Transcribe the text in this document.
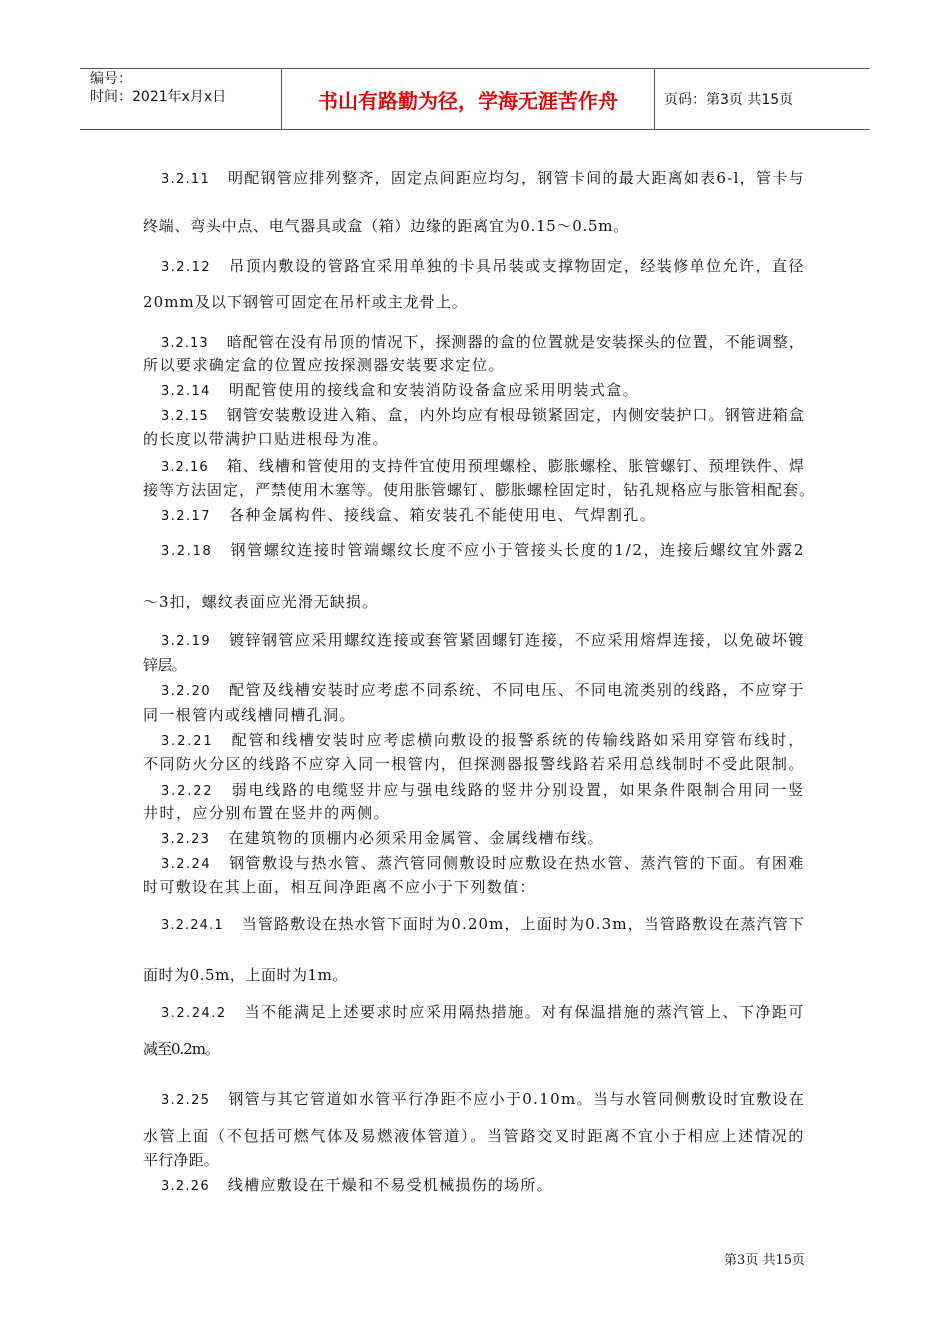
编号：
时间：2021年x月x日	书山有路勤为径，学海无涯苦作舟	页码：第3页 共15页
3.2.11 明配钢管应排列整齐，固定点间距应均匀，钢管卡间的最大距离如表6-l，管卡与
终端、弯头中点、电气器具或盒（箱）边缘的距离宜为0.15～0.5m。
3.2.12 吊顶内敷设的管路宜采用单独的卡具吊装或支撑物固定，经装修单位允许，直径
20mm及以下钢管可固定在吊杆或主龙骨上。
3.2.13 暗配管在没有吊顶的情况下，探测器的盒的位置就是安装探头的位置，不能调整，
所以要求确定盒的位置应按探测器安装要求定位。
3.2.14 明配管使用的接线盒和安装消防设备盒应采用明装式盒。
3.2.15 钢管安装敷设进入箱、盒，内外均应有根母锁紧固定，内侧安装护口。钢管进箱盒
的长度以带满护口贴进根母为准。
3.2.16 箱、线槽和管使用的支持件宜使用预埋螺栓、膨胀螺栓、胀管螺钉、预埋铁件、焊
接等方法固定，严禁使用木塞等。使用胀管螺钉、膨胀螺栓固定时，钻孔规格应与胀管相配套。
3.2.17 各种金属构件、接线盒、箱安装孔不能使用电、气焊割孔。
3.2.18 钢管螺纹连接时管端螺纹长度不应小于管接头长度的1/2，连接后螺纹宜外露2
～3扣，螺纹表面应光滑无缺损。
3.2.19 镀锌钢管应采用螺纹连接或套管紧固螺钉连接，不应采用熔焊连接，以免破坏镀
锌层。
3.2.20 配管及线槽安装时应考虑不同系统、不同电压、不同电流类别的线路，不应穿于
同一根管内或线槽同槽孔洞。
3.2.21 配管和线槽安装时应考虑横向敷设的报警系统的传输线路如采用穿管布线时，
不同防火分区的线路不应穿入同一根管内，但探测器报警线路若采用总线制时不受此限制。
3.2.22 弱电线路的电缆竖井应与强电线路的竖井分别设置，如果条件限制合用同一竖
井时，应分别布置在竖井的两侧。
3.2.23 在建筑物的顶棚内必须采用金属管、金属线槽布线。
3.2.24 钢管敷设与热水管、蒸汽管同侧敷设时应敷设在热水管、蒸汽管的下面。有困难
时可敷设在其上面，相互间净距离不应小于下列数值：
3.2.24.1 当管路敷设在热水管下面时为0.20m，上面时为0.3m，当管路敷设在蒸汽管下
面时为0.5m，上面时为1m。
3.2.24.2 当不能满足上述要求时应采用隔热措施。对有保温措施的蒸汽管上、下净距可
减至0.2m。
3.2.25 钢管与其它管道如水管平行净距不应小于0.10m。当与水管同侧敷设时宜敷设在
水管上面（不包括可燃气体及易燃液体管道）。当管路交叉时距离不宜小于相应上述情况的
平行净距。
3.2.26 线槽应敷设在干燥和不易受机械损伤的场所。
第3页 共15页
